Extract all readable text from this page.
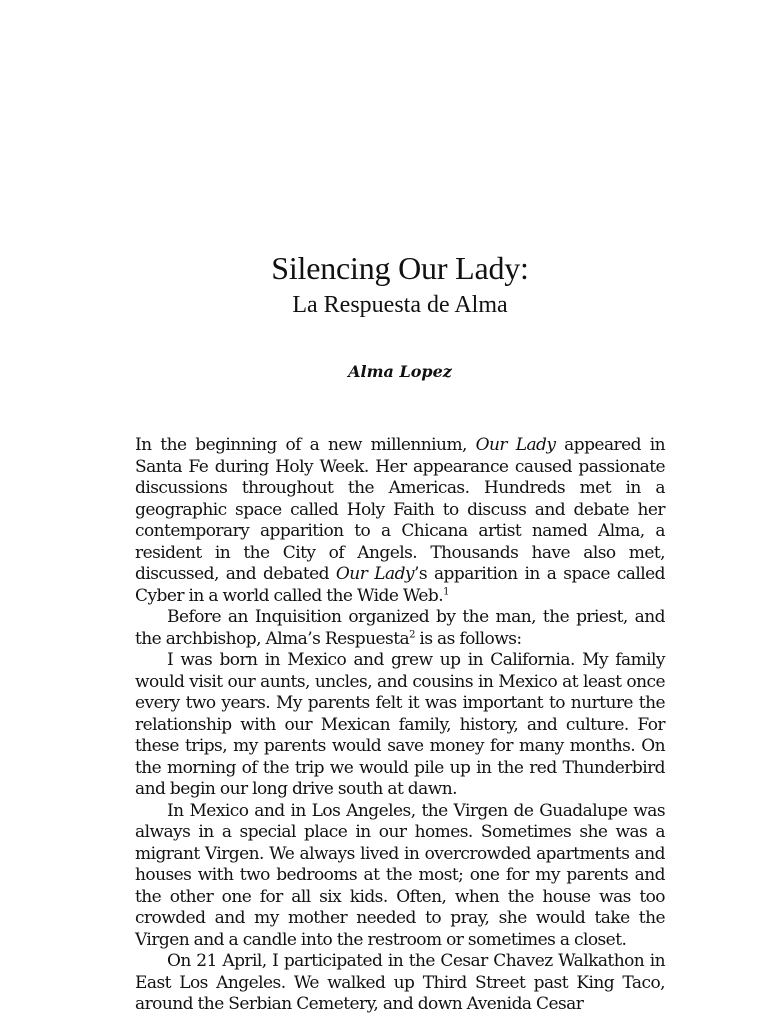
Silencing Our Lady:
La Respuesta de Alma
Alma Lopez

In the beginning of a new millennium, Our Lady appeared in Santa Fe during Holy Week. Her appearance caused passionate discussions throughout the Americas. Hundreds met in a geographic space called Holy Faith to discuss and debate her contemporary apparition to a Chicana artist named Alma, a resident in the City of Angels. Thousands have also met, discussed, and debated Our Lady’s apparition in a space called Cyber in a world called the Wide Web.$^1$

Before an Inquisition organized by the man, the priest, and the archbishop, Alma’s Respuesta$^2$ is as follows:

I was born in Mexico and grew up in California. My family would visit our aunts, uncles, and cousins in Mexico at least once every two years. My parents felt it was important to nurture the relationship with our Mexican family, history, and culture. For these trips, my parents would save money for many months. On the morning of the trip we would pile up in the red Thunderbird and begin our long drive south at dawn.

In Mexico and in Los Angeles, the Virgen de Guadalupe was always in a special place in our homes. Sometimes she was a migrant Virgen. We always lived in overcrowded apartments and houses with two bedrooms at the most; one for my parents and the other one for all six kids. Often, when the house was too crowded and my mother needed to pray, she would take the Virgen and a candle into the restroom or sometimes a closet.

On 21 April, I participated in the Cesar Chavez Walkathon in East Los Angeles. We walked up Third Street past King Taco, around the Serbian Cemetery, and down Avenida Cesar
